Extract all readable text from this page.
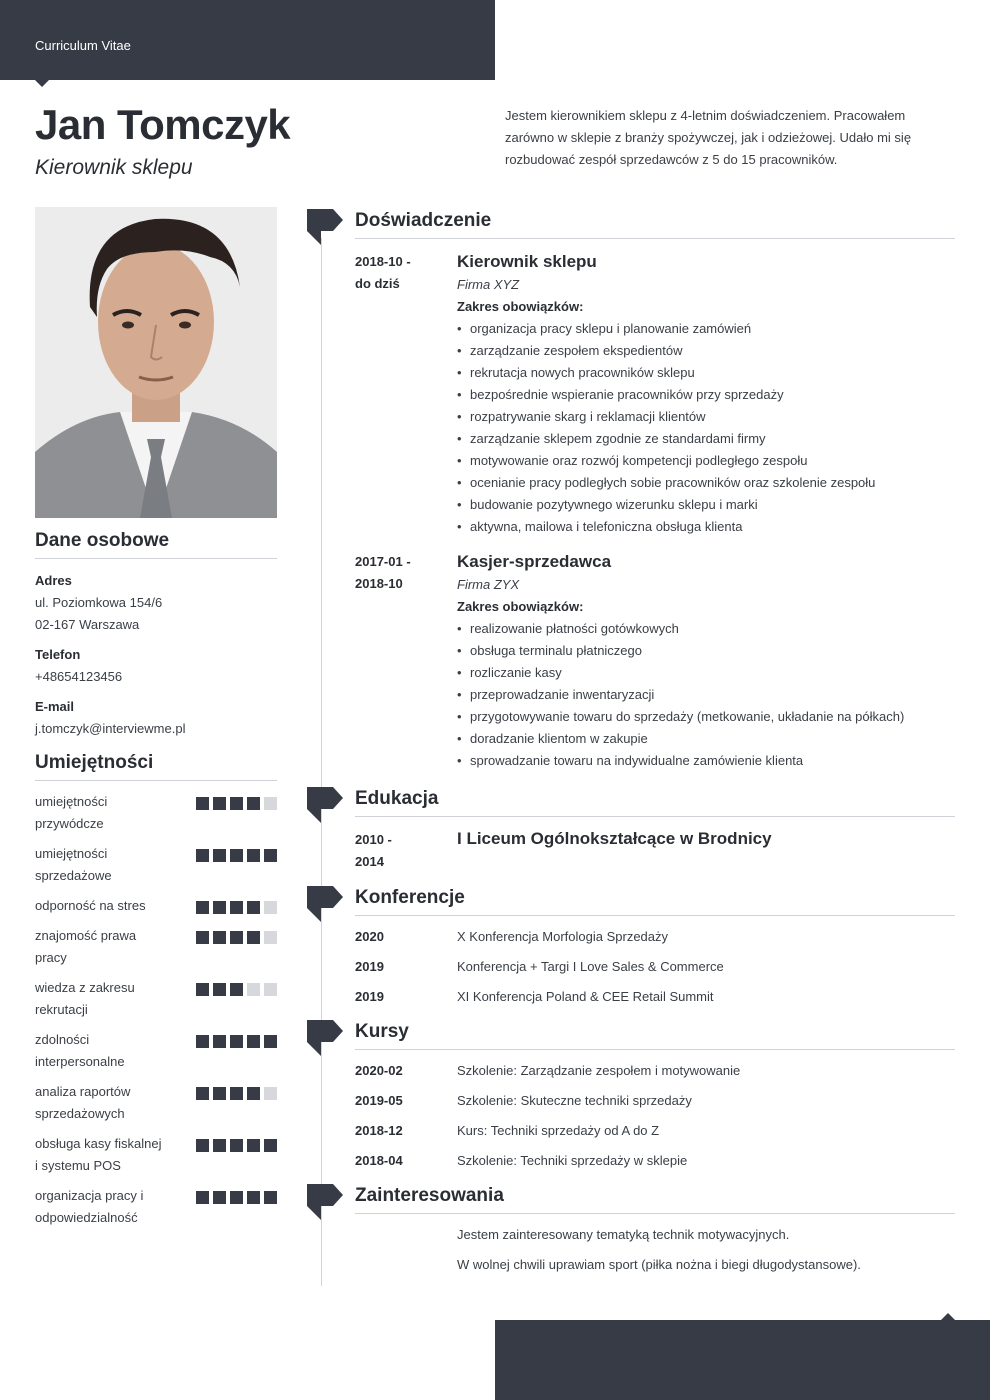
Curriculum Vitae
Jan Tomczyk
Kierownik sklepu

Jestem kierownikiem sklepu z 4-letnim doświadczeniem. Pracowałem zarówno w sklepie z branży spożywczej, jak i odzieżowej. Udało mi się rozbudować zespół sprzedawców z 5 do 15 pracowników.

Dane osobowe
Adres
ul. Poziomkowa 154/6
02-167 Warszawa
Telefon
+48654123456
E-mail
j.tomczyk@interviewme.pl
Umiejętności
umiejętności przywódcze
umiejętności sprzedażowe
odporność na stres
znajomość prawa pracy
wiedza z zakresu rekrutacji
zdolności interpersonalne
analiza raportów sprzedażowych
obsługa kasy fiskalnej i systemu POS
organizacja pracy i odpowiedzialność
Doświadczenie
2018-10 -
do dziś
Kierownik sklepu
Firma XYZ
Zakres obowiązków:
• organizacja pracy sklepu i planowanie zamówień
• zarządzanie zespołem ekspedientów
• rekrutacja nowych pracowników sklepu
• bezpośrednie wspieranie pracowników przy sprzedaży
• rozpatrywanie skarg i reklamacji klientów
• zarządzanie sklepem zgodnie ze standardami firmy
• motywowanie oraz rozwój kompetencji podległego zespołu
• ocenianie pracy podległych sobie pracowników oraz szkolenie zespołu
• budowanie pozytywnego wizerunku sklepu i marki
• aktywna, mailowa i telefoniczna obsługa klienta
2017-01 -
2018-10
Kasjer-sprzedawca
Firma ZYX
Zakres obowiązków:
• realizowanie płatności gotówkowych
• obsługa terminalu płatniczego
• rozliczanie kasy
• przeprowadzanie inwentaryzacji
• przygotowywanie towaru do sprzedaży (metkowanie, układanie na półkach)
• doradzanie klientom w zakupie
• sprowadzanie towaru na indywidualne zamówienie klienta
Edukacja
2010 -
2014
I Liceum Ogólnokształcące w Brodnicy
Konferencje
2020	X Konferencja Morfologia Sprzedaży
2019	Konferencja + Targi I Love Sales & Commerce
2019	XI Konferencja Poland & CEE Retail Summit
Kursy
2020-02	Szkolenie: Zarządzanie zespołem i motywowanie
2019-05	Szkolenie: Skuteczne techniki sprzedaży
2018-12	Kurs: Techniki sprzedaży od A do Z
2018-04	Szkolenie: Techniki sprzedaży w sklepie
Zainteresowania
Jestem zainteresowany tematyką technik motywacyjnych.
W wolnej chwili uprawiam sport (piłka nożna i biegi długodystansowe).
